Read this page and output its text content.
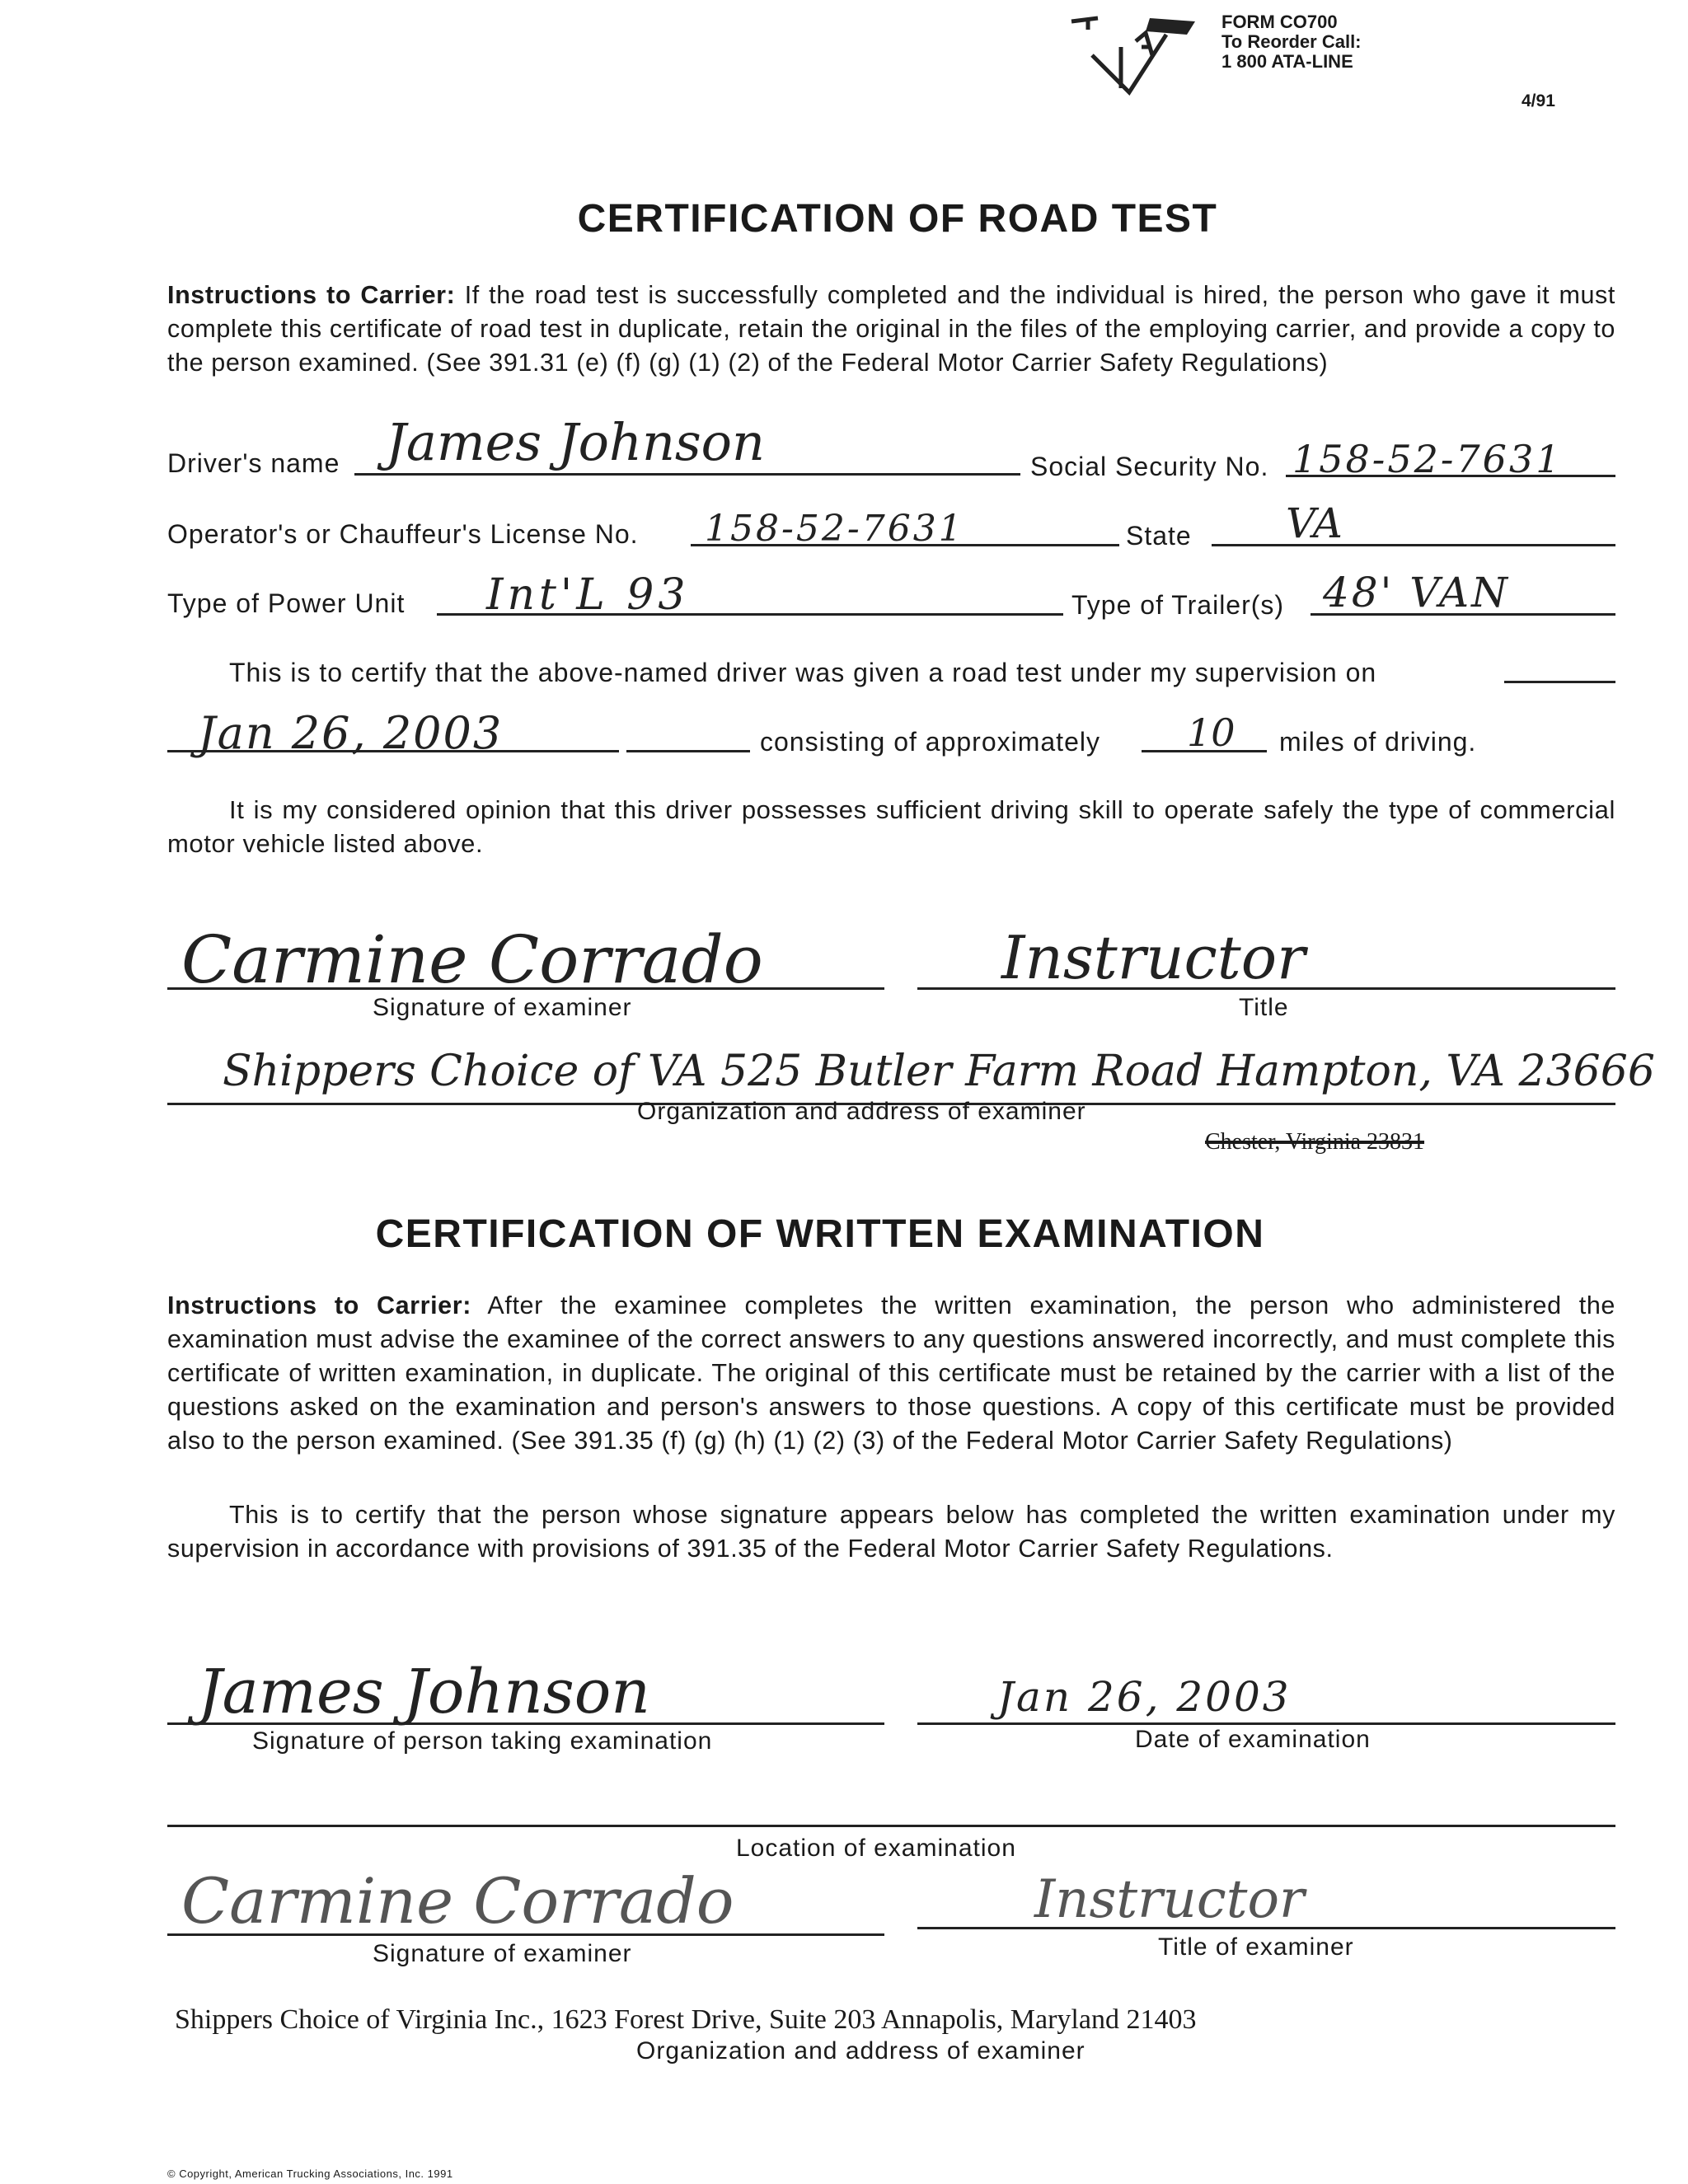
FORM CO700
To Reorder Call:
1 800 ATA-LINE
4/91
CERTIFICATION OF ROAD TEST
Instructions to Carrier: If the road test is successfully completed and the individual is hired, the person who gave it must complete this certificate of road test in duplicate, retain the original in the files of the employing carrier, and provide a copy to the person examined. (See 391.31 (e) (f) (g) (1) (2) of the Federal Motor Carrier Safety Regulations)
Driver's name James Johnson	Social Security No. 158-52-7631
Operator's or Chauffeur's License No. 158-52-7631	State VA
Type of Power Unit Int'L 93	Type of Trailer(s) 48' VAN
This is to certify that the above-named driver was given a road test under my supervision on
Jan 26, 2003	consisting of approximately 10 miles of driving.
It is my considered opinion that this driver possesses sufficient driving skill to operate safely the type of commercial motor vehicle listed above.
Carmine Corrado
Signature of examiner
Instructor
Title
Shippers Choice of VA 525 Butler Farm Road Hampton, VA 23666
Organization and address of examiner
Chester, Virginia 23831
CERTIFICATION OF WRITTEN EXAMINATION
Instructions to Carrier: After the examinee completes the written examination, the person who administered the examination must advise the examinee of the correct answers to any questions answered incorrectly, and must complete this certificate of written examination, in duplicate. The original of this certificate must be retained by the carrier with a list of the questions asked on the examination and person's answers to those questions. A copy of this certificate must be provided also to the person examined. (See 391.35 (f) (g) (h) (1) (2) (3) of the Federal Motor Carrier Safety Regulations)
This is to certify that the person whose signature appears below has completed the written examination under my supervision in accordance with provisions of 391.35 of the Federal Motor Carrier Safety Regulations.
James Johnson
Signature of person taking examination
Jan 26, 2003
Date of examination
Location of examination
Carmine Corrado
Signature of examiner
Instructor
Title of examiner
Shippers Choice of Virginia Inc., 1623 Forest Drive, Suite 203 Annapolis, Maryland 21403
Organization and address of examiner
© Copyright, American Trucking Associations, Inc. 1991
